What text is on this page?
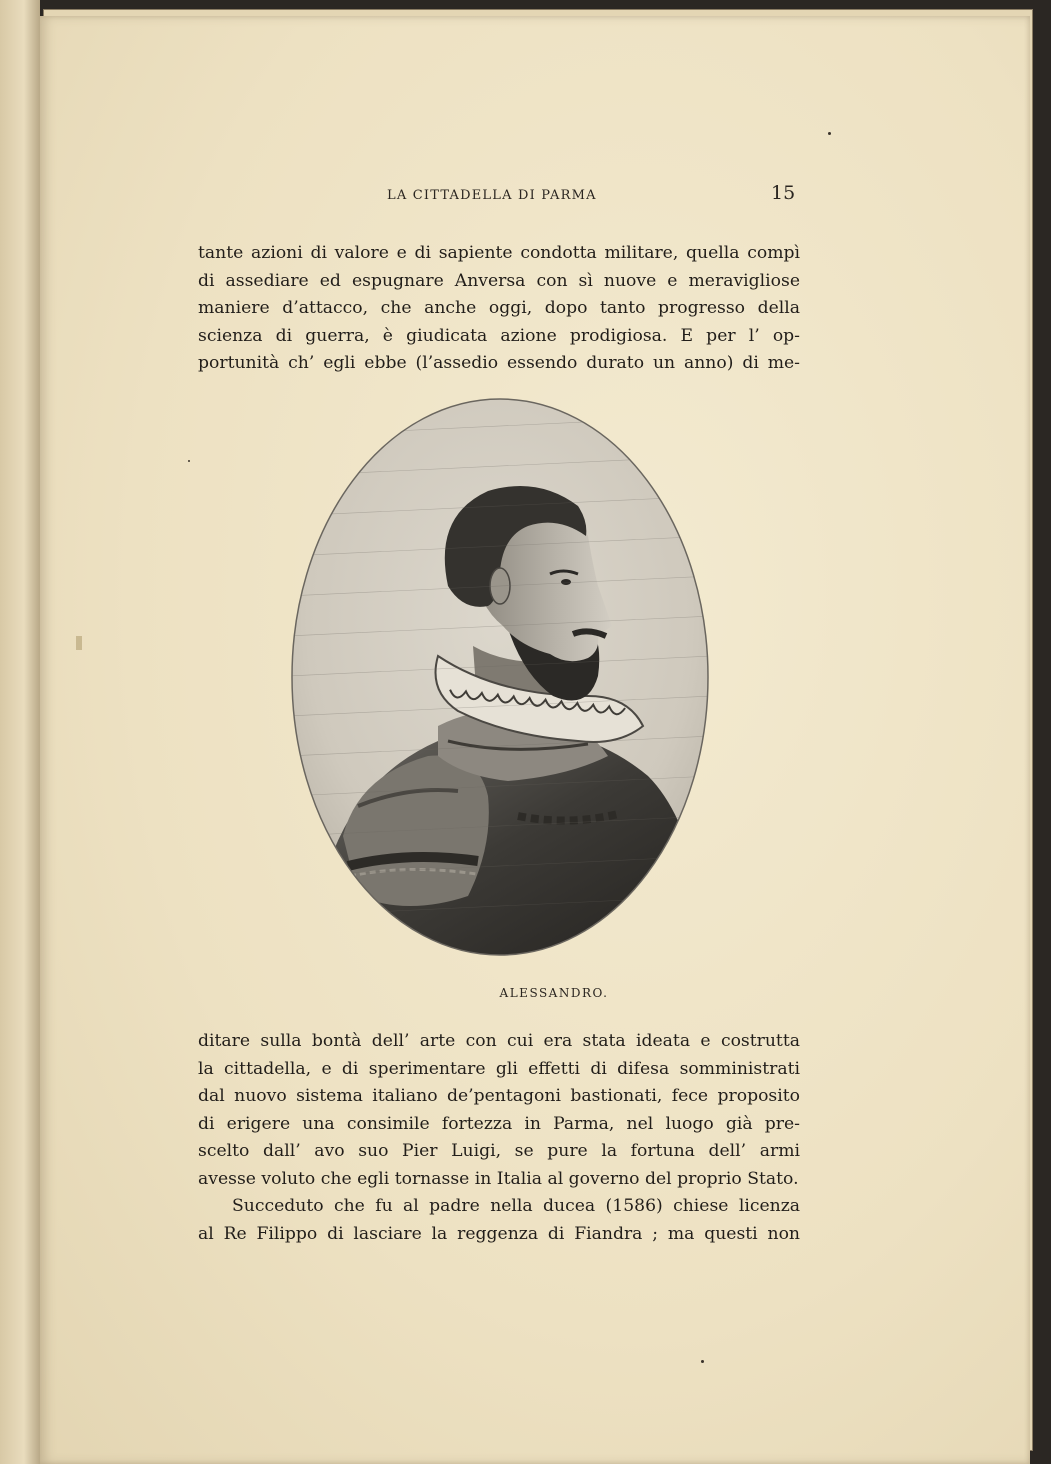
LA CITTADELLA DI PARMA	15
tante azioni di valore e di sapiente condotta militare, quella compì
di assediare ed espugnare Anversa con sì nuove e meravigliose
maniere d’attacco, che anche oggi, dopo tanto progresso della
scienza di guerra, è giudicata azione prodigiosa. E per l’ op-
portunità ch’ egli ebbe (l’assedio essendo durato un anno) di me-
ALESSANDRO.
ditare sulla bontà dell’ arte con cui era stata ideata e costrutta
la cittadella, e di sperimentare gli effetti di difesa somministrati
dal nuovo sistema italiano de’pentagoni bastionati, fece proposito
di erigere una consimile fortezza in Parma, nel luogo già pre-
scelto dall’ avo suo Pier Luigi, se pure la fortuna dell’ armi
avesse voluto che egli tornasse in Italia al governo del proprio Stato.
Succeduto che fu al padre nella ducea (1586) chiese licenza
al Re Filippo di lasciare la reggenza di Fiandra ; ma questi non
